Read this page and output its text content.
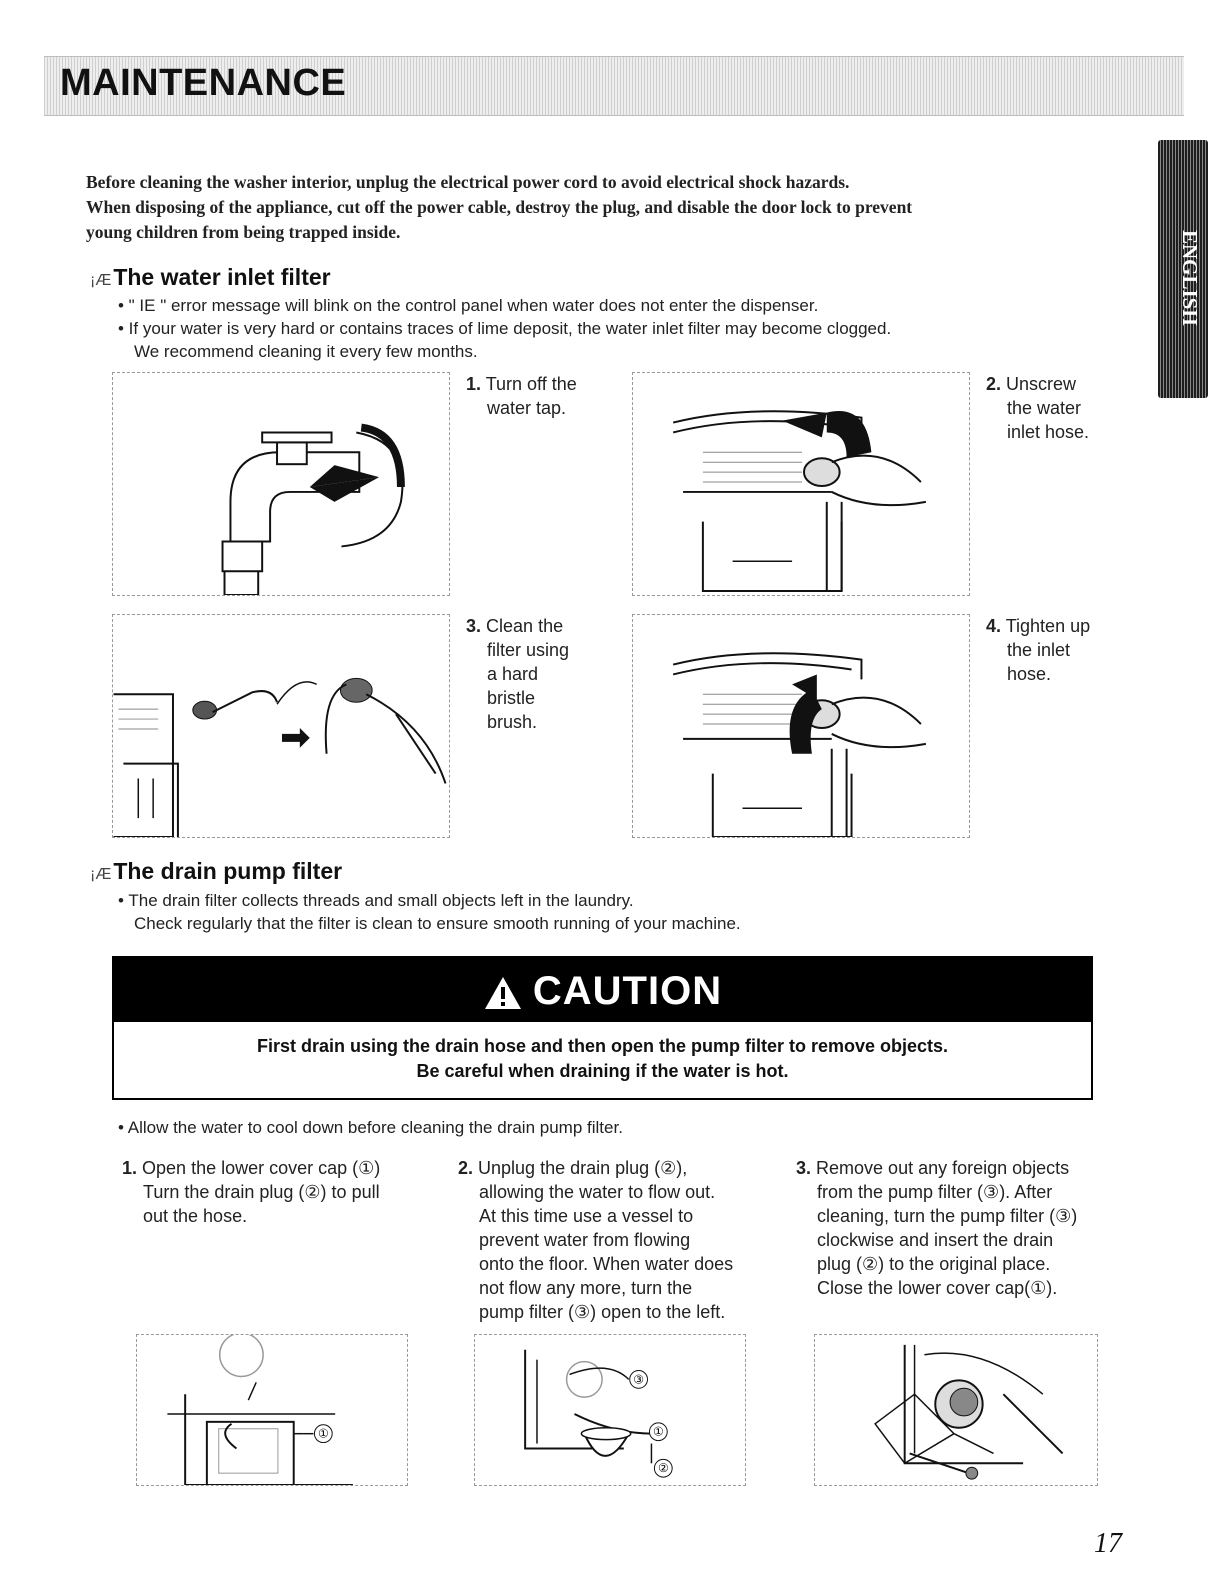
MAINTENANCE
ENGLISH
Before cleaning the washer interior, unplug the electrical power cord to avoid electrical shock hazards.
When disposing of the appliance, cut off the power cable, destroy the plug, and disable the door lock to prevent
young children from being trapped inside.
¡ÆThe water inlet filter
• " IE " error message will blink on the control panel when water does not enter the dispenser.
• If your water is very hard or contains traces of lime deposit, the water inlet filter may become clogged.
We recommend cleaning it every few months.
1. Turn off the
water tap.
2. Unscrew
the water
inlet hose.
3. Clean the
filter using
a hard
bristle
brush.
4. Tighten up
the inlet
hose.
¡ÆThe drain pump filter
• The drain filter collects threads and small objects left in the laundry.
Check regularly that the filter is clean to ensure smooth running of your machine.
CAUTION
First drain using the drain hose and then open the pump filter to remove objects.
Be careful when draining if the water is hot.
• Allow the water to cool down before cleaning the drain pump filter.
1. Open the lower cover cap (①)
Turn the drain plug (②) to pull
out the hose.
2. Unplug the drain plug (②),
allowing the water to flow out.
At this time use a vessel to
prevent water from flowing
onto the floor. When water does
not flow any more, turn the
pump filter (③) open to the left.
3. Remove out any foreign objects
from the pump filter (③). After
cleaning, turn the pump filter (③)
clockwise and insert the drain
plug (②) to the original place.
Close the lower cover cap(①).
①
③
①
②
17
